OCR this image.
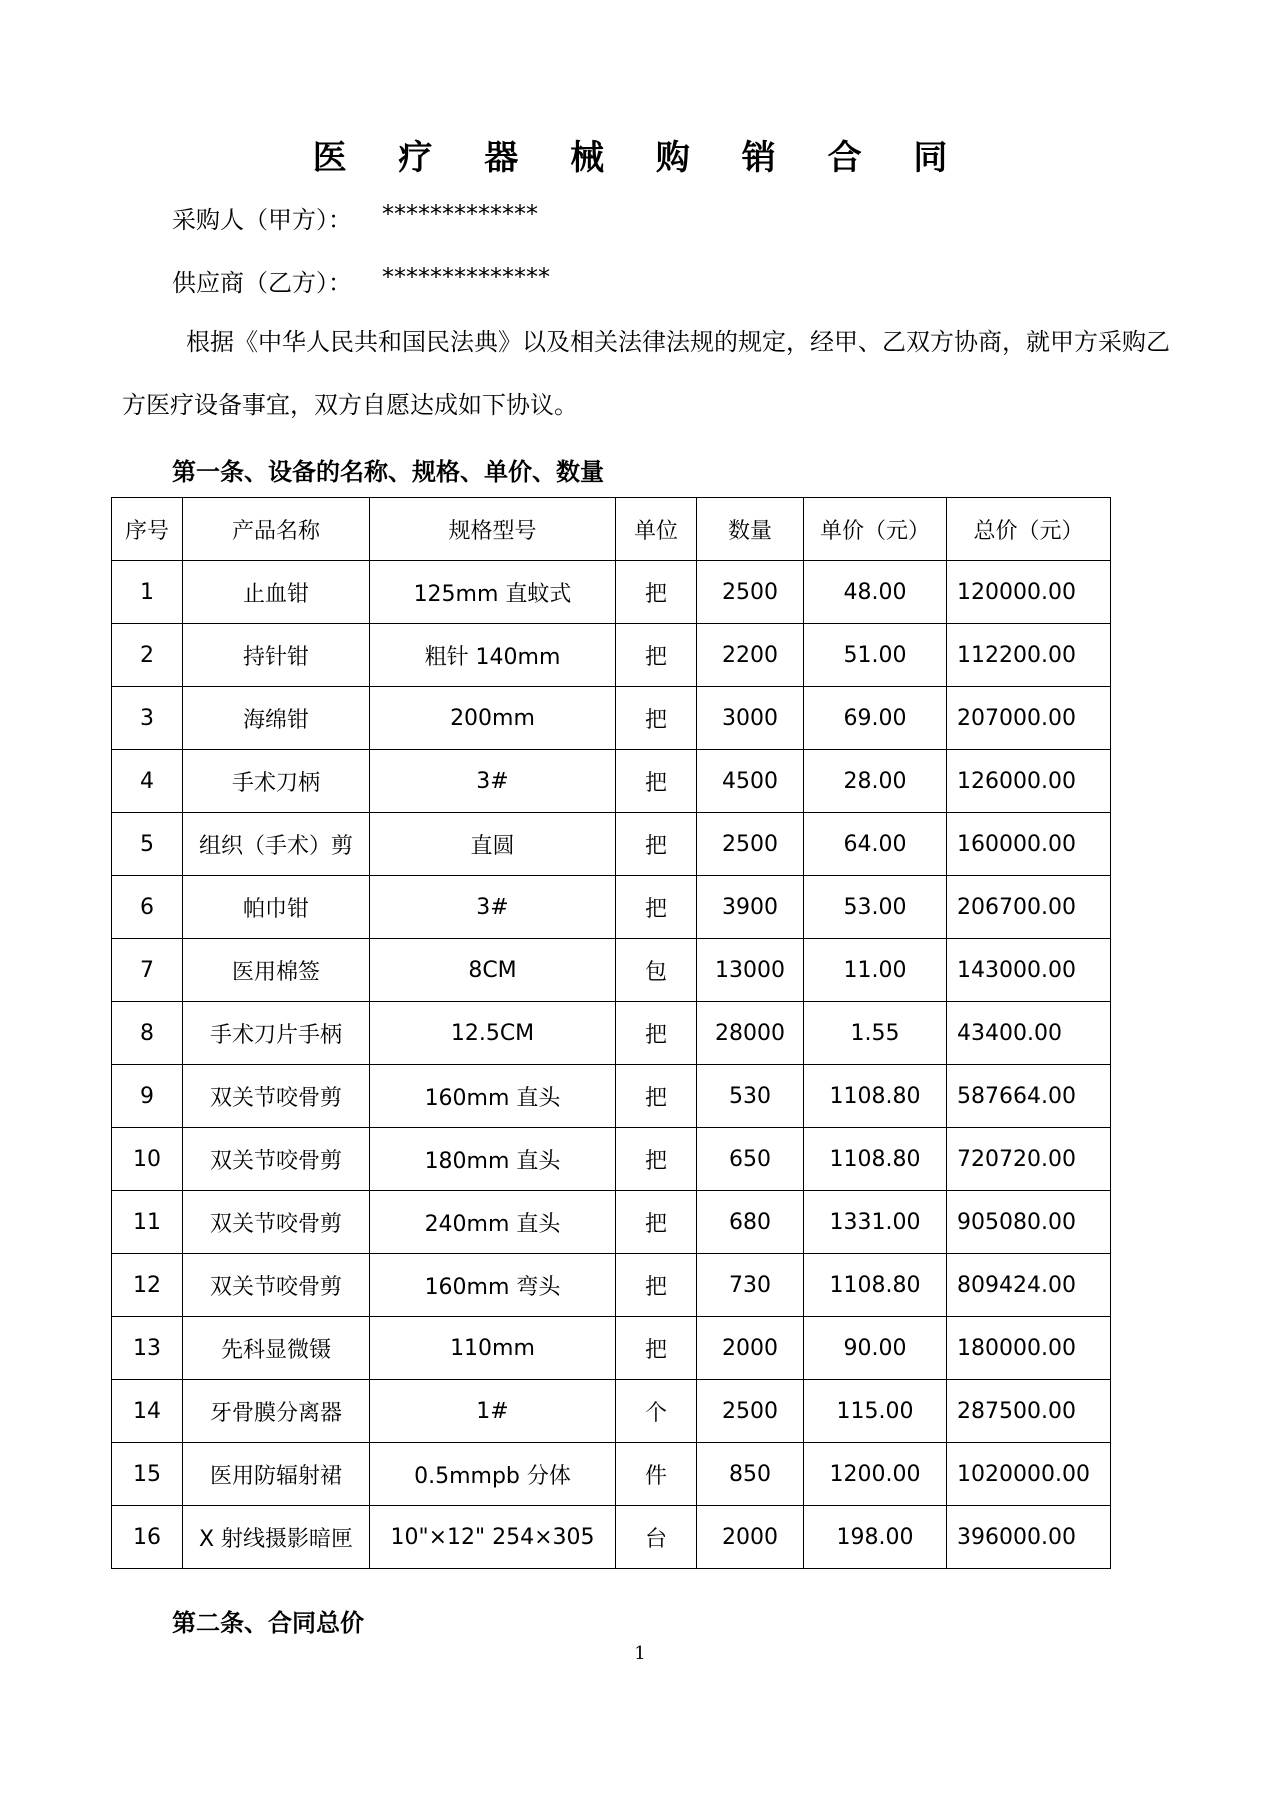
医 疗 器 械 购 销 合 同
采购人（甲方）： *************
供应商（乙方）： **************
根据《中华人民共和国民法典》以及相关法律法规的规定，经甲、乙双方协商，就甲方采购乙方医疗设备事宜，双方自愿达成如下协议。
第一条、设备的名称、规格、单价、数量
序号	产品名称	规格型号	单位	数量	单价（元）	总价（元）
1	止血钳	125mm 直蚊式	把	2500	48.00	120000.00
2	持针钳	粗针 140mm	把	2200	51.00	112200.00
3	海绵钳	200mm	把	3000	69.00	207000.00
4	手术刀柄	3#	把	4500	28.00	126000.00
5	组织（手术）剪	直圆	把	2500	64.00	160000.00
6	帕巾钳	3#	把	3900	53.00	206700.00
7	医用棉签	8CM	包	13000	11.00	143000.00
8	手术刀片手柄	12.5CM	把	28000	1.55	43400.00
9	双关节咬骨剪	160mm 直头	把	530	1108.80	587664.00
10	双关节咬骨剪	180mm 直头	把	650	1108.80	720720.00
11	双关节咬骨剪	240mm 直头	把	680	1331.00	905080.00
12	双关节咬骨剪	160mm 弯头	把	730	1108.80	809424.00
13	先科显微镊	110mm	把	2000	90.00	180000.00
14	牙骨膜分离器	1#	个	2500	115.00	287500.00
15	医用防辐射裙	0.5mmpb 分体	件	850	1200.00	1020000.00
16	X 射线摄影暗匣	10"×12" 254×305	台	2000	198.00	396000.00
第二条、合同总价
1
